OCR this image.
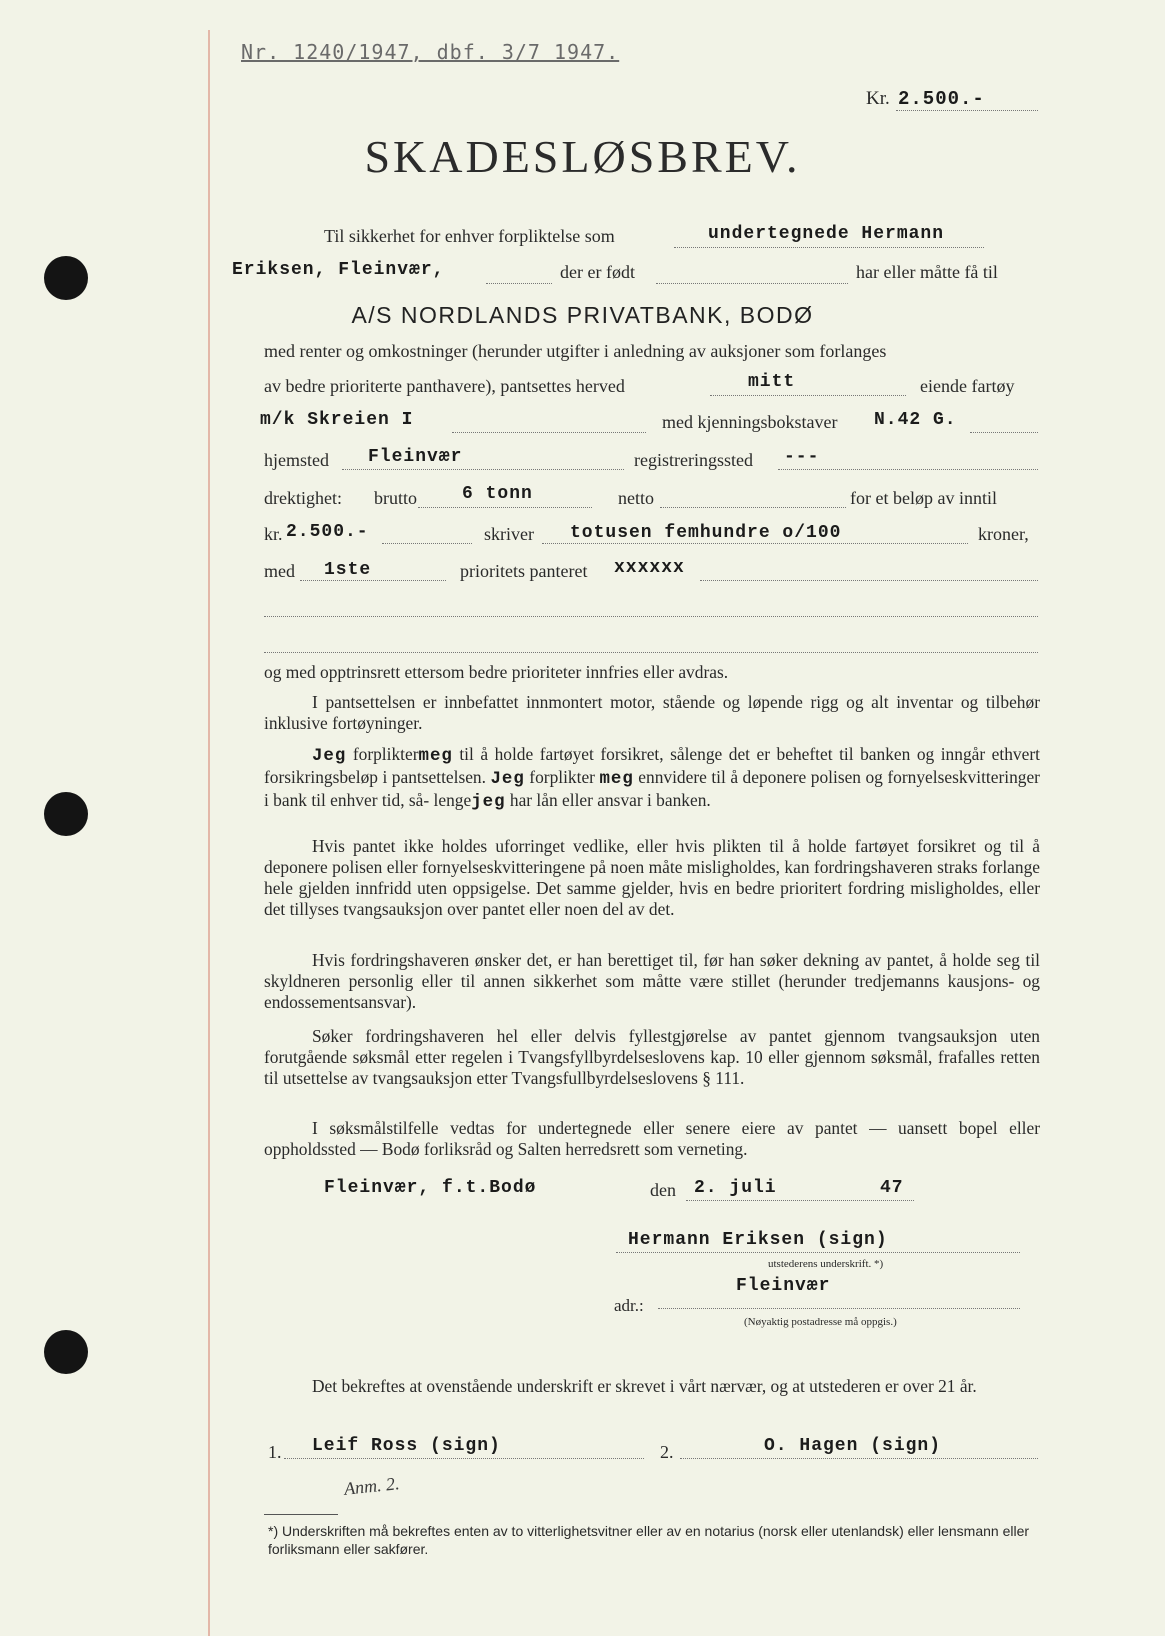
Nr. 1240/1947, dbf. 3/7 1947.
Kr. 2.500.-
SKADESLØSBREV.
Til sikkerhet for enhver forpliktelse som	undertegnede Hermann
Eriksen, Fleinvær,	der er født	har eller måtte få til
A/S NORDLANDS PRIVATBANK, BODØ
med renter og omkostninger (herunder utgifter i anledning av auksjoner som forlanges
av bedre prioriterte panthavere), pantsettes herved	mitt	eiende fartøy
m/k Skreien I	med kjenningsbokstaver N.42 G.
hjemsted Fleinvær	registreringssted ---
drektighet: brutto	6 tonn	netto	for et beløp av inntil
kr. 2.500.-	skriver totusen femhundre o/100	kroner,
med 1ste	prioritets panteret xxxxxx
og med opptrinsrett ettersom bedre prioriteter innfries eller avdras.
I pantsettelsen er innbefattet innmontert motor, stående og løpende rigg og alt inventar og tilbehør inklusive fortøyninger.
Jeg forpliktermeg til å holde fartøyet forsikret, sålenge det er beheftet til banken og inngår ethvert forsikringsbeløp i pantsettelsen. Jeg forplikter meg ennvidere til å deponere polisen og fornyelseskvitteringer i bank til enhver tid, så- lengejeg har lån eller ansvar i banken.
Hvis pantet ikke holdes uforringet vedlike, eller hvis plikten til å holde fartøyet forsikret og til å deponere polisen eller fornyelseskvitteringene på noen måte misligholdes, kan fordringshaveren straks forlange hele gjelden innfridd uten oppsigelse. Det samme gjelder, hvis en bedre prioritert fordring misligholdes, eller det tillyses tvangsauksjon over pantet eller noen del av det.
Hvis fordringshaveren ønsker det, er han berettiget til, før han søker dekning av pantet, å holde seg til skyldneren personlig eller til annen sikkerhet som måtte være stillet (herunder tredjemanns kausjons- og endossementsansvar).
Søker fordringshaveren hel eller delvis fyllestgjørelse av pantet gjennom tvangsauksjon uten forutgående søksmål etter regelen i Tvangsfyllbyrdelseslovens kap. 10 eller gjennom søksmål, frafalles retten til utsettelse av tvangsauksjon etter Tvangsfullbyrdelseslovens § 111.
I søksmålstilfelle vedtas for undertegnede eller senere eiere av pantet — uansett bopel eller oppholdssted — Bodø forliksråd og Salten herredsrett som verneting.
Fleinvær, f.t.Bodø	den 2. juli	47
Hermann Eriksen (sign)
utstederens underskrift. *)
adr.:
Fleinvær
(Nøyaktig postadresse må oppgis.)
Det bekreftes at ovenstående underskrift er skrevet i vårt nærvær, og at utstederen er over 21 år.
1. Leif Ross (sign)	2.	O. Hagen (sign)
Anm. 2.
*) Underskriften må bekreftes enten av to vitterlighetsvitner eller av en notarius (norsk eller utenlandsk) eller lensmann eller forliksmann eller sakfører.
